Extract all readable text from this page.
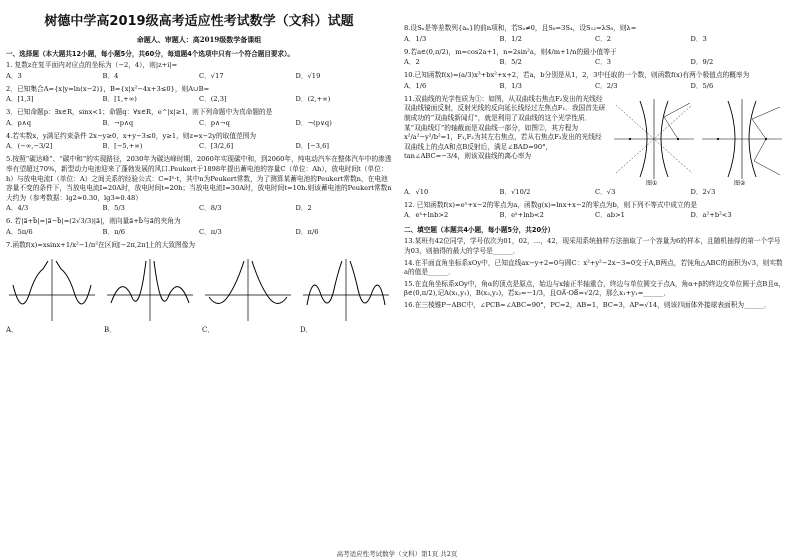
树德中学高2019级高考适应性考试数学（文科）试题
命题人、审题人：高2019级数学备课组
一、选择题（本大题共12小题，每小题5分，共60分，每道题4个选项中只有一个符合题目要求）。
1. 复数z在复平面内对应点的坐标为（−2，4），则|z+i|=
A．3	B．4	C．√17	D．√19
2．已知集合A={x|y=ln(x−2)}，B={x|x²−4x+3≤0}，则A∪B=
A．[1,3]	B．[1,+∞)	C．(2,3]	D．(2,+∞)
3．已知命题p：∃x∈R，sinx<1；命题q：∀x∈R，e^|x|≥1，则下列命题中为真命题的是
A．p∧q	B．¬p∧q	C．p∧¬q	D．¬(p∨q)
4.若实数x，y满足约束条件 2x−y≥0，x+y−3≤0，y≥1，则z=x−2y的取值范围为
A．(−∞,−3/2]	B．[−5,+∞)	C．[3/2,6]	D．[−3,6]
5.按照“碳达峰”、“碳中和”的实现路径，2030年为碳达峰时期，2060年实现碳中和，到2060年，纯电动汽车在整体汽车中的渗透率有望超过70%，新型动力电池迎来了蓬勃发展的风口.Peukert于1898年提出蓄电池的容量C（单位：Ah），放电时间t（单位：h）与放电电流I（单位：A）之间关系的经验公式：C=Iⁿ·t，其中n为Peukert常数，为了测算某蓄电池的Peukert常数n，在电池容量不变的条件下，当放电电流I=20A时，放电时间t=20h；当放电电流I=30A时，放电时间t=10h.则该蓄电池的Peukert常数n大约为（参考数据：lg2≈0.30，lg3≈0.48）
A．4/3	B．5/3	C．8/3	D．2
6. 若|a⃗+b⃗|=|a⃗−b⃗|=(2√3/3)|a⃗|，则向量a⃗+b⃗与a⃗的夹角为
A．5π/6	B．π/6	C．π/3	D．π/6
7.函数f(x)=xsinx+1/x²−1/π²在区间[−2π,2π]上的大致图像为
A．	B．	C．	D．
8.设Sₙ是等差数列{aₙ}的前n项和，若S₄≠0，且S₈=3S₄，设S₁₂=λS₈，则λ=
A．1/3	B．1/2	C．2	D．3
9.若a∈(0,π/2)，m=cos2a+1，n=2sin²a，则4/m+1/n的最小值等于
A．2	B．5/2	C．3	D．9/2
10.已知函数f(x)=(a/3)x³+bx²+x+2，若a，b分别是从1，2，3中任取的一个数，则函数f(x)有两个极值点的概率为
A．1/6	B．1/3	C．2/3	D．5/6
图①	图②
11.双曲线的光学性质为①：如图，从双曲线右焦点F₂发出的光线经双曲线镜面反射，反射光线的反向延长线经过左焦点F₁．我国首先研制成功的“双曲线新闻灯”，就是利用了双曲线的这个光学性质．某“双曲线灯”的轴截面是双曲线一部分，如图②，其方程为x²/a²−y²/b²=1，F₁,F₂为其左右焦点，若从右焦点F₂发出的光线经双曲线上的点A和点B反射后，满足∠BAD=90°，tan∠ABC=−3/4，则该双曲线的离心率为
A．√10	B．√10/2	C．√3	D．2√3
12. 已知函数f(x)=eˣ+x−2的零点为a，函数g(x)=lnx+x−2的零点为b，则下列不等式中成立的是
A．eᵃ+lnb>2	B．eᵃ+lnb<2	C．ab>1	D．a²+b²<3
二、填空题（本题共4小题，每小题5分，共20分）
13.某班有42位同学，学号依次为01，02，…，42，现采用系统抽样方法抽取了一个容量为6的样本，且随机抽得的第一个学号为03，则抽得的最大的学号是______．
14.在平面直角坐标系xOy中，已知直线ax−y+2=0与圆C：x²+y²−2x−3=0交于A,B两点，若钝角△ABC的面积为√3，则实数a的值是______．
15.在直角坐标系xOy中，角α的顶点是原点，始边与x轴正半轴重合，终边与单位圆交于点A，角α+β的终边交单位圆于点B且α，β∈(0,π/2),记A(x₁,y₁)，B(x₂,y₂)，若x₂=−1/3，且OA⃗·OB⃗=√2/2，那么x₁+y₁=______．
16.在三棱锥P−ABC中，∠PCB=∠ABC=90°，PC=2，AB=1，BC=3，AP=√14，则该四面体外接球表面积为______．
高考适应性考试数学（文科）第1页 共2页
